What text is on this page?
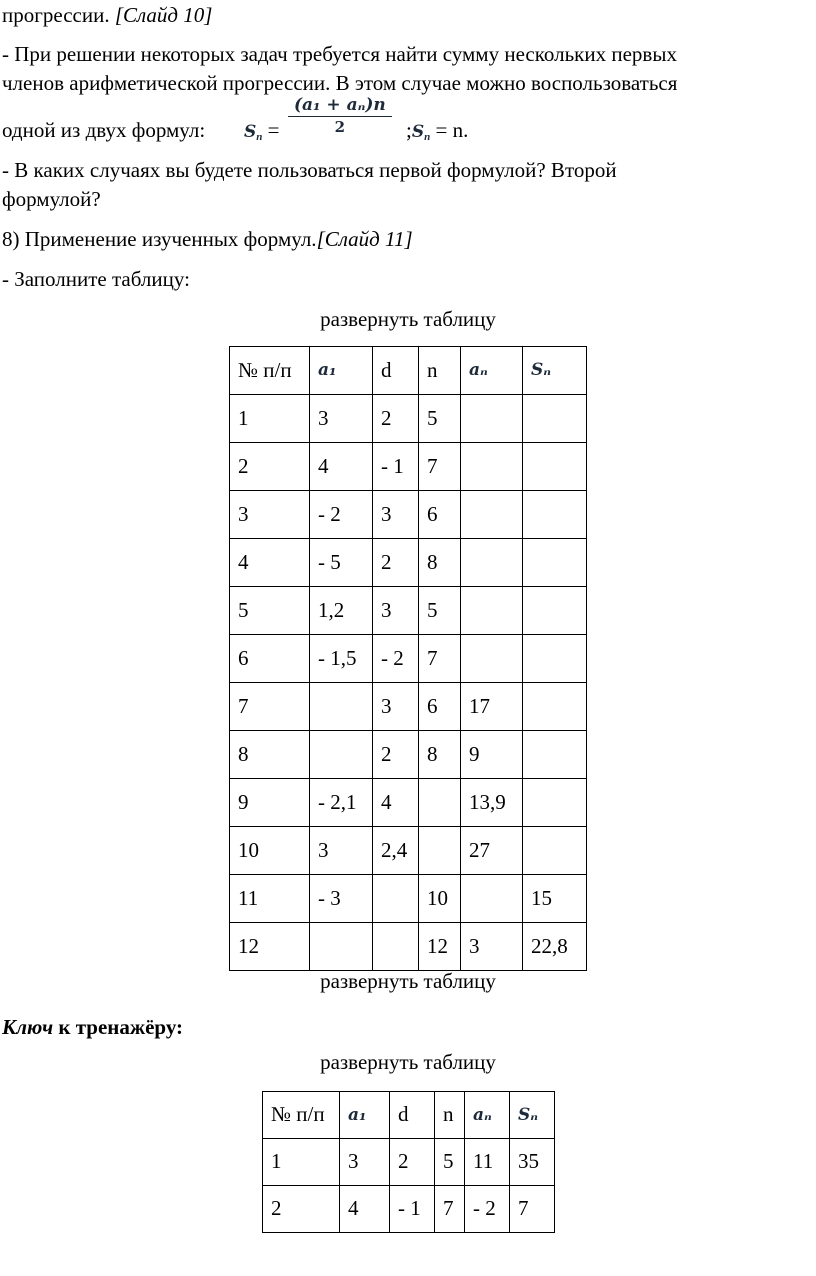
прогрессии. [Слайд 10]
- При решении некоторых задач требуется найти сумму нескольких первых
членов арифметической прогрессии. В этом случае можно воспользоваться
одной из двух формул: $Sn = \frac{\text{(a₁ + aₙ)n}}{2}$ ;Sn = n.
- В каких случаях вы будете пользоваться первой формулой? Второй
формулой?
8) Применение изученных формул.[Слайд 11]
- Заполните таблицу:
развернуть таблицу
№ п/п	a₁	d	n	aₙ	Sₙ
1	3	2	5		
2	4	- 1	7		
3	- 2	3	6		
4	- 5	2	8		
5	1,2	3	5		
6	- 1,5	- 2	7		
7		3	6	17	
8		2	8	9	
9	- 2,1	4		13,9	
10	3	2,4		27	
11	- 3		10		15
12			12	3	22,8
развернуть таблицу
Ключ к тренажёру:
развернуть таблицу
№ п/п	a₁	d	n	aₙ	Sₙ
1	3	2	5	11	35
2	4	- 1	7	- 2	7
